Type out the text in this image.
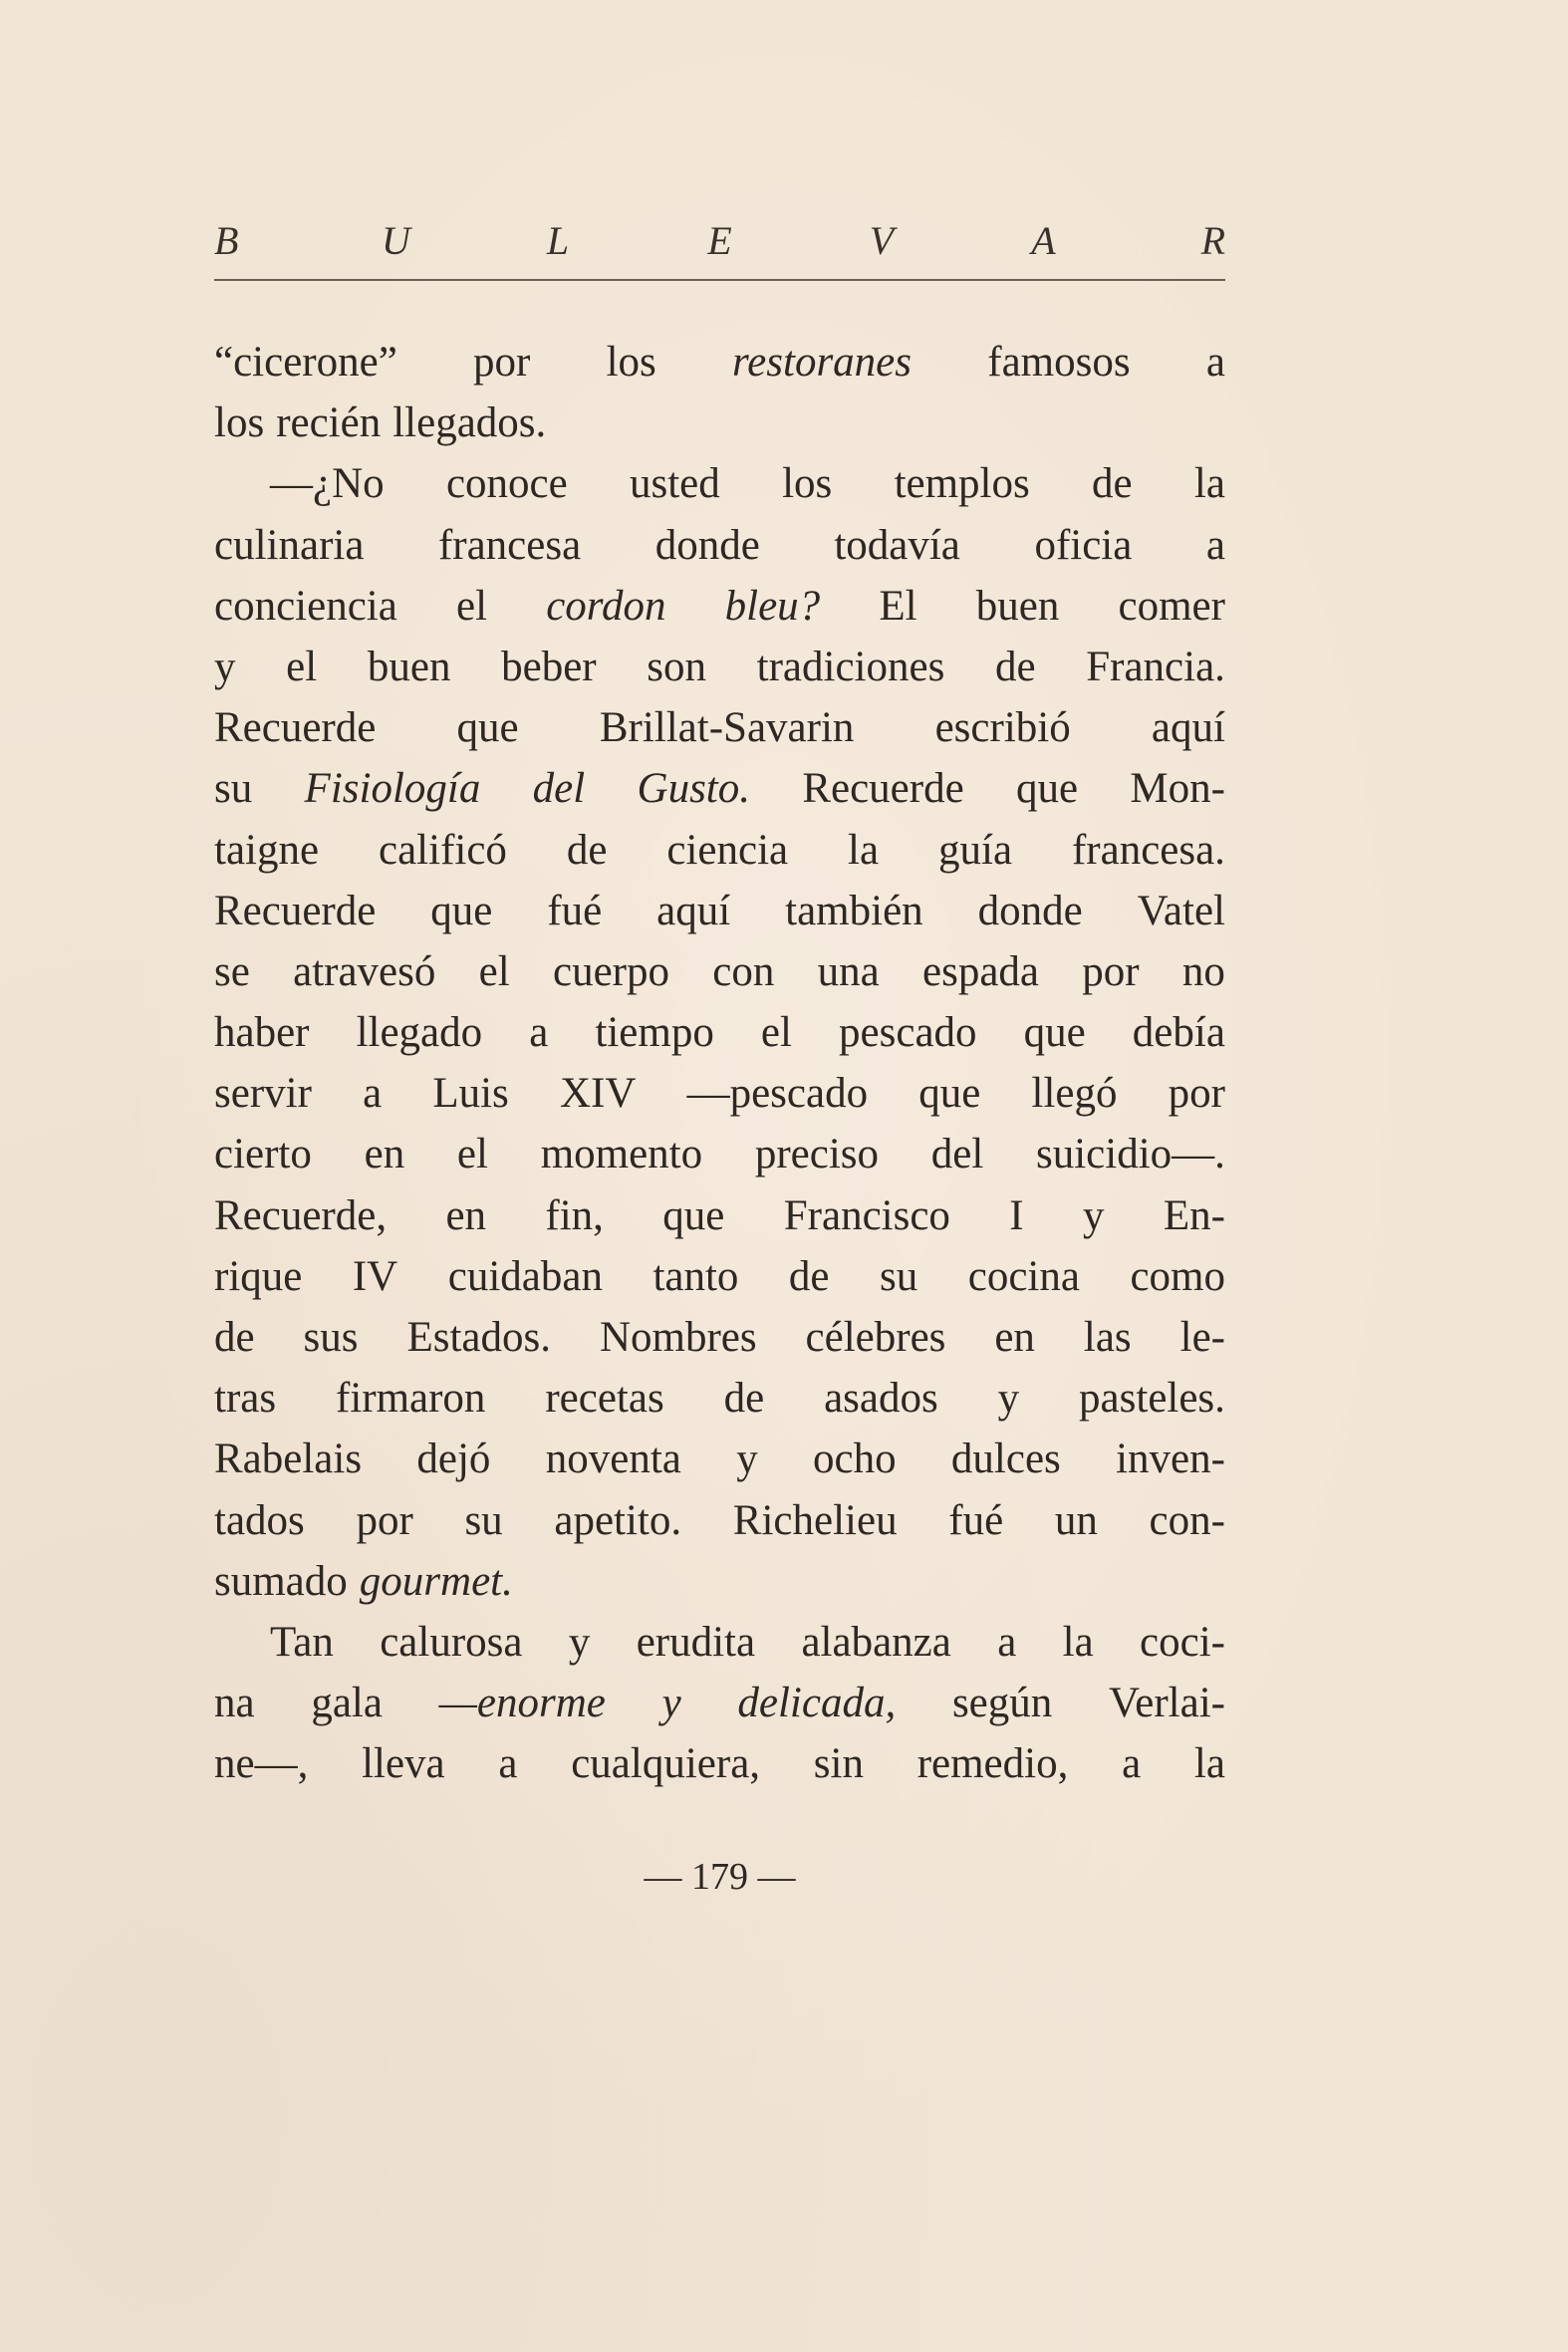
B	U	L	E	V	A	R
“cicerone” por los restoranes famosos a
los recién llegados.
—¿No conoce usted los templos de la
culinaria francesa donde todavía oficia a
conciencia el cordon bleu? El buen comer
y el buen beber son tradiciones de Francia.
Recuerde que Brillat-Savarin escribió aquí
su Fisiología del Gusto. Recuerde que Mon-
taigne calificó de ciencia la guía francesa.
Recuerde que fué aquí también donde Vatel
se atravesó el cuerpo con una espada por no
haber llegado a tiempo el pescado que debía
servir a Luis XIV —pescado que llegó por
cierto en el momento preciso del suicidio—.
Recuerde, en fin, que Francisco I y En-
rique IV cuidaban tanto de su cocina como
de sus Estados. Nombres célebres en las le-
tras firmaron recetas de asados y pasteles.
Rabelais dejó noventa y ocho dulces inven-
tados por su apetito. Richelieu fué un con-
sumado gourmet.
Tan calurosa y erudita alabanza a la coci-
na gala —enorme y delicada, según Verlai-
ne—, lleva a cualquiera, sin remedio, a la
— 179 —
